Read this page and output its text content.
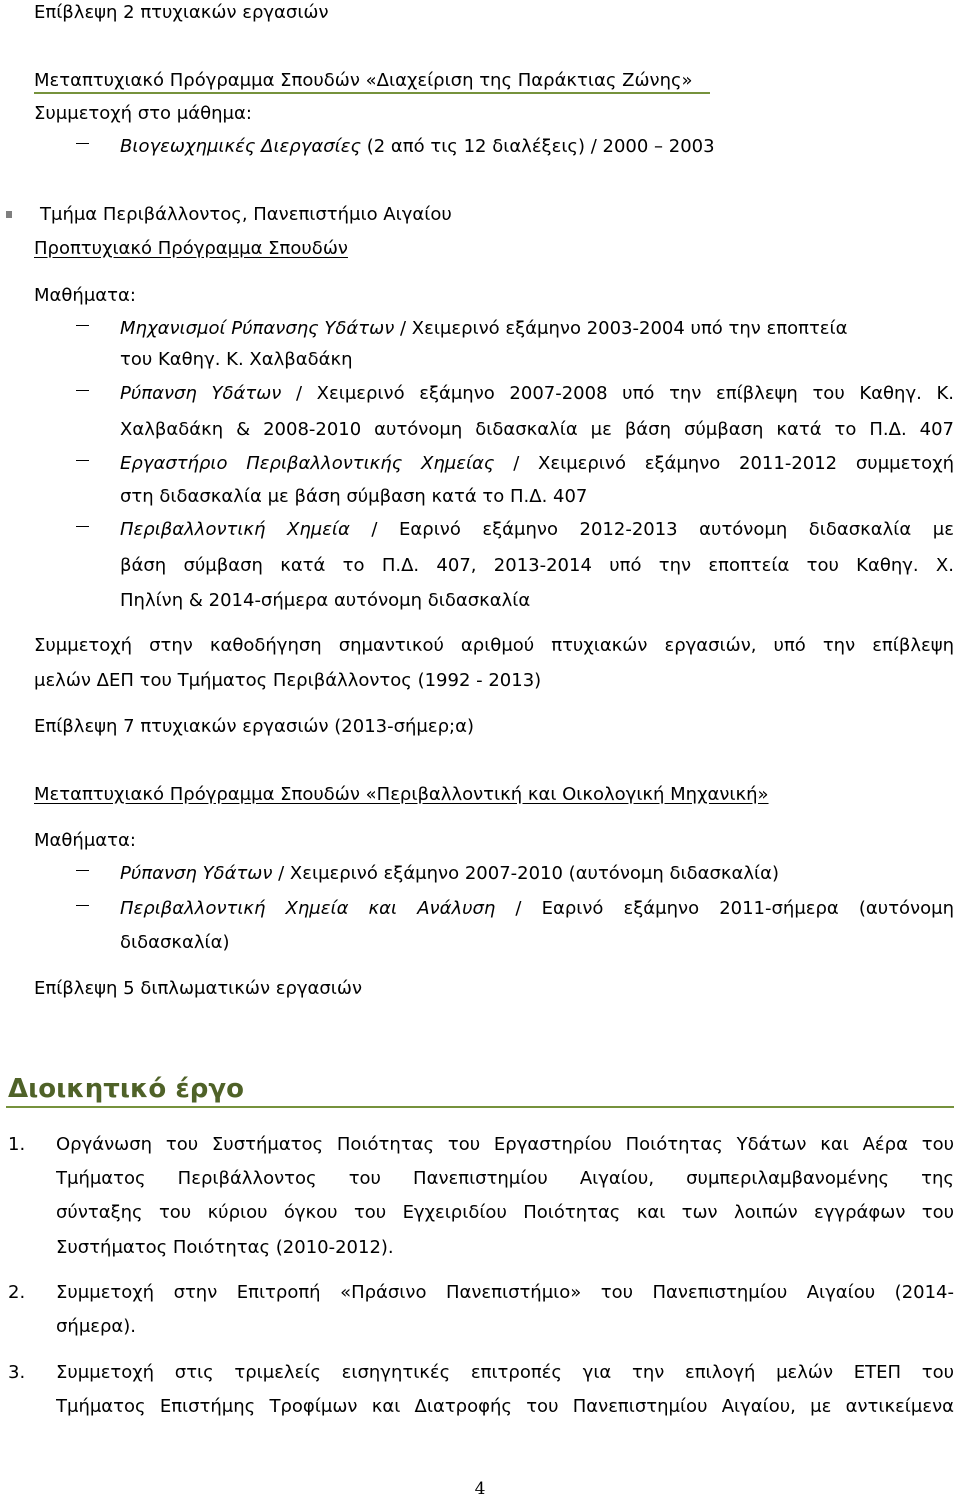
Επίβλεψη 2 πτυχιακών εργασιών
Μεταπτυχιακό Πρόγραμμα Σπουδών «Διαχείριση της Παράκτιας Ζώνης»
Συμμετοχή στο μάθημα:
Βιογεωχημικές Διεργασίες (2 από τις 12 διαλέξεις) / 2000 – 2003
Τμήμα Περιβάλλοντος, Πανεπιστήμιο Αιγαίου
Προπτυχιακό Πρόγραμμα Σπουδών
Μαθήματα:
Μηχανισμοί Ρύπανσης Υδάτων / Χειμερινό εξάμηνο 2003-2004 υπό την εποπτεία
του Καθηγ. Κ. Χαλβαδάκη
Ρύπανση Υδάτων / Χειμερινό εξάμηνο 2007-2008 υπό την επίβλεψη του Καθηγ. Κ.
Χαλβαδάκη & 2008-2010 αυτόνομη διδασκαλία με βάση σύμβαση κατά το Π.Δ. 407
Εργαστήριο Περιβαλλοντικής Χημείας / Χειμερινό εξάμηνο 2011-2012 συμμετοχή
στη διδασκαλία με βάση σύμβαση κατά το Π.Δ. 407
Περιβαλλοντική Χημεία / Εαρινό εξάμηνο 2012-2013 αυτόνομη διδασκαλία με
βάση σύμβαση κατά το Π.Δ. 407, 2013-2014 υπό την εποπτεία του Καθηγ. Χ.
Πηλίνη & 2014-σήμερα αυτόνομη διδασκαλία
Συμμετοχή στην καθοδήγηση σημαντικού αριθμού πτυχιακών εργασιών, υπό την επίβλεψη
μελών ΔΕΠ του Τμήματος Περιβάλλοντος (1992 - 2013)
Επίβλεψη 7 πτυχιακών εργασιών (2013-σήμερ;α)
Μεταπτυχιακό Πρόγραμμα Σπουδών «Περιβαλλοντική και Οικολογική Μηχανική»
Μαθήματα:
Ρύπανση Υδάτων / Χειμερινό εξάμηνο 2007-2010 (αυτόνομη διδασκαλία)
Περιβαλλοντική Χημεία και Ανάλυση / Εαρινό εξάμηνο 2011-σήμερα (αυτόνομη
διδασκαλία)
Επίβλεψη 5 διπλωματικών εργασιών
Διοικητικό έργο
1. Οργάνωση του Συστήματος Ποιότητας του Εργαστηρίου Ποιότητας Υδάτων και Αέρα του
Τμήματος Περιβάλλοντος του Πανεπιστημίου Αιγαίου, συμπεριλαμβανομένης της
σύνταξης του κύριου όγκου του Εγχειριδίου Ποιότητας και των λοιπών εγγράφων του
Συστήματος Ποιότητας (2010-2012).
2. Συμμετοχή στην Επιτροπή «Πράσινο Πανεπιστήμιο» του Πανεπιστημίου Αιγαίου (2014-
σήμερα).
3. Συμμετοχή στις τριμελείς εισηγητικές επιτροπές για την επιλογή μελών ΕΤΕΠ του
Τμήματος Επιστήμης Τροφίμων και Διατροφής του Πανεπιστημίου Αιγαίου, με αντικείμενα
4
